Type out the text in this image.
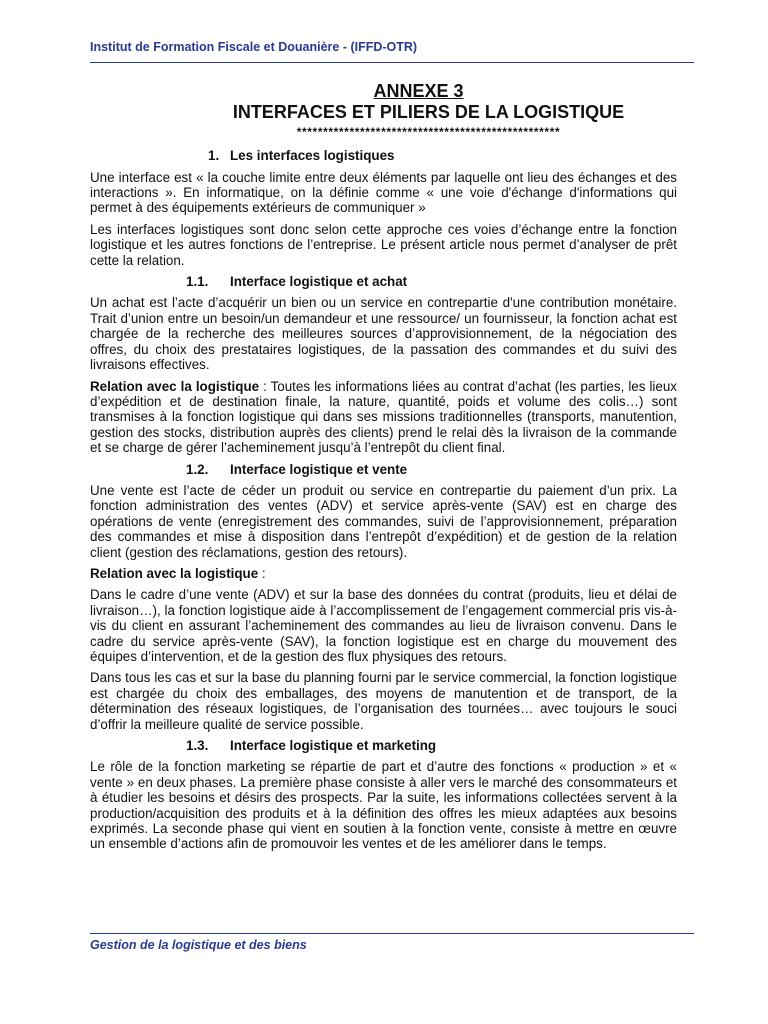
Institut de Formation Fiscale et Douanière - (IFFD-OTR)
ANNEXE 3
INTERFACES ET PILIERS DE LA LOGISTIQUE
**************************************************
1. Les interfaces logistiques

Une interface est « la couche limite entre deux éléments par laquelle ont lieu des échanges et des interactions ». En informatique, on la définie comme « une voie d'échange d'informations qui permet à des équipements extérieurs de communiquer »

Les interfaces logistiques sont donc selon cette approche ces voies d’échange entre la fonction logistique et les autres fonctions de l’entreprise. Le présent article nous permet d’analyser de prêt cette la relation.

1.1. Interface logistique et achat

Un achat est l’acte d’acquérir un bien ou un service en contrepartie d'une contribution monétaire. Trait d’union entre un besoin/un demandeur et une ressource/ un fournisseur, la fonction achat est chargée de la recherche des meilleures sources d’approvisionnement, de la négociation des offres, du choix des prestataires logistiques, de la passation des commandes et du suivi des livraisons effectives.

Relation avec la logistique : Toutes les informations liées au contrat d’achat (les parties, les lieux d’expédition et de destination finale, la nature, quantité, poids et volume des colis…) sont transmises à la fonction logistique qui dans ses missions traditionnelles (transports, manutention, gestion des stocks, distribution auprès des clients) prend le relai dès la livraison de la commande et se charge de gérer l’acheminement jusqu’à l’entrepôt du client final.

1.2. Interface logistique et vente

Une vente est l’acte de céder un produit ou service en contrepartie du paiement d’un prix. La fonction administration des ventes (ADV) et service après-vente (SAV) est en charge des opérations de vente (enregistrement des commandes, suivi de l’approvisionnement, préparation des commandes et mise à disposition dans l’entrepôt d’expédition) et de gestion de la relation client (gestion des réclamations, gestion des retours).

Relation avec la logistique :

Dans le cadre d’une vente (ADV) et sur la base des données du contrat (produits, lieu et délai de livraison…), la fonction logistique aide à l’accomplissement de l’engagement commercial pris vis-à-vis du client en assurant l’acheminement des commandes au lieu de livraison convenu. Dans le cadre du service après-vente (SAV), la fonction logistique est en charge du mouvement des équipes d’intervention, et de la gestion des flux physiques des retours.

Dans tous les cas et sur la base du planning fourni par le service commercial, la fonction logistique est chargée du choix des emballages, des moyens de manutention et de transport, de la détermination des réseaux logistiques, de l’organisation des tournées… avec toujours le souci d’offrir la meilleure qualité de service possible.

1.3. Interface logistique et marketing

Le rôle de la fonction marketing se répartie de part et d’autre des fonctions « production » et « vente » en deux phases. La première phase consiste à aller vers le marché des consommateurs et à étudier les besoins et désirs des prospects. Par la suite, les informations collectées servent à la production/acquisition des produits et à la définition des offres les mieux adaptées aux besoins exprimés. La seconde phase qui vient en soutien à la fonction vente, consiste à mettre en œuvre un ensemble d’actions afin de promouvoir les ventes et de les améliorer dans le temps.

Gestion de la logistique et des biens
